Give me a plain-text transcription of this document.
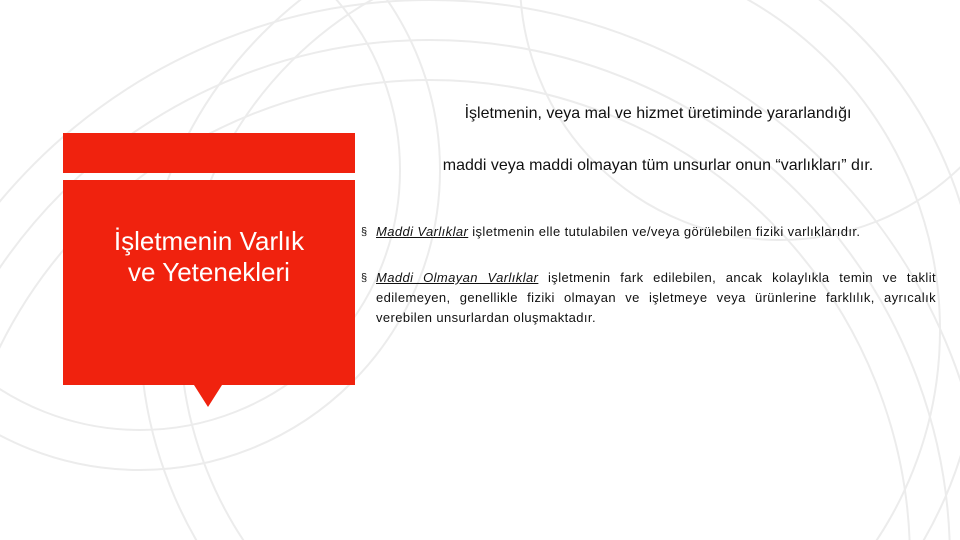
İşletmenin Varlık
ve Yetenekleri

İşletmenin, veya mal ve hizmet üretiminde yararlandığı
maddi veya maddi olmayan tüm unsurlar onun “varlıkları” dır.

§ Maddi Varlıklar işletmenin elle tutulabilen ve/veya görülebilen fiziki varlıklarıdır.
§ Maddi Olmayan Varlıklar işletmenin fark edilebilen, ancak kolaylıkla temin ve taklit edilemeyen, genellikle fiziki olmayan ve işletmeye veya ürünlerine farklılık, ayrıcalık verebilen unsurlardan oluşmaktadır.
